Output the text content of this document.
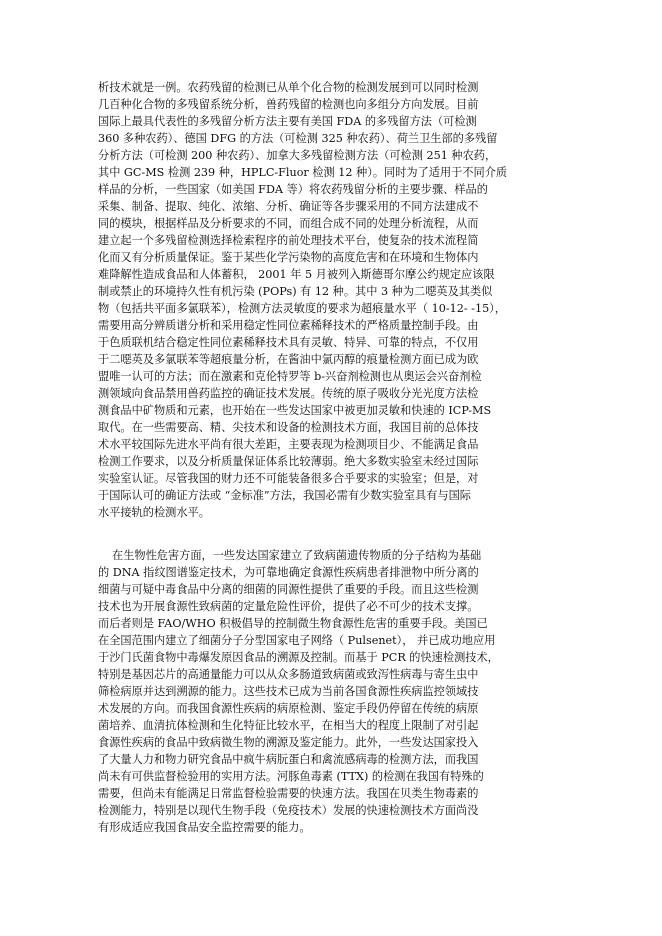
析技术就是一例。农药残留的检测已从单个化合物的检测发展到可以同时检测
几百种化合物的多残留系统分析，兽药残留的检测也向多组分方向发展。目前
国际上最具代表性的多残留分析方法主要有美国 FDA 的多残留方法（可检测
360 多种农药）、德国 DFG 的方法（可检测 325 种农药）、荷兰卫生部的多残留
分析方法（可检测 200 种农药）、加拿大多残留检测方法（可检测 251 种农药，
其中 GC-MS 检测 239 种，HPLC-Fluor 检测 12 种）。同时为了适用于不同介质
样品的分析，一些国家（如美国 FDA 等）将农药残留分析的主要步骤、样品的
采集、制备、提取、纯化、浓缩、分析、确证等各步骤采用的不同方法建成不
同的模块，根据样品及分析要求的不同，而组合成不同的处理分析流程，从而
建立起一个多残留检测选择检索程序的前处理技术平台，使复杂的技术流程简
化而又有分析质量保证。鉴于某些化学污染物的高度危害和在环境和生物体内
难降解性造成食品和人体蓄积， 2001 年 5 月被列入斯德哥尔摩公约规定应该限
制或禁止的环境持久性有机污染 (POPs) 有 12 种。其中 3 种为二噁英及其类似
物（包括共平面多氯联苯），检测方法灵敏度的要求为超痕量水平（ 10-12- -15），
需要用高分辨质谱分析和采用稳定性同位素稀释技术的严格质量控制手段。由
于色质联机结合稳定性同位素稀释技术具有灵敏、特异、可靠的特点，不仅用
于二噁英及多氯联苯等超痕量分析，在酱油中氯丙醇的痕量检测方面已成为欧
盟唯一认可的方法；而在激素和克伦特罗等 b-兴奋剂检测也从奥运会兴奋剂检
测领域向食品禁用兽药监控的确证技术发展。传统的原子吸收分光光度方法检
测食品中矿物质和元素，也开始在一些发达国家中被更加灵敏和快速的 ICP-MS
取代。在一些需要高、精、尖技术和设备的检测技术方面，我国目前的总体技
术水平较国际先进水平尚有很大差距，主要表现为检测项目少、不能满足食品
检测工作要求，以及分析质量保证体系比较薄弱。绝大多数实验室未经过国际
实验室认证。尽管我国的财力还不可能装备很多合乎要求的实验室；但是，对
于国际认可的确证方法或 “金标准”方法，我国必需有少数实验室具有与国际
水平接轨的检测水平。
在生物性危害方面，一些发达国家建立了致病菌遗传物质的分子结构为基础
的 DNA 指纹图谱鉴定技术，为可靠地确定食源性疾病患者排泄物中所分离的
细菌与可疑中毒食品中分离的细菌的同源性提供了重要的手段。而且这些检测
技术也为开展食源性致病菌的定量危险性评价，提供了必不可少的技术支撑。
而后者则是 FAO/WHO 积极倡导的控制微生物食源性危害的重要手段。美国已
在全国范围内建立了细菌分子分型国家电子网络（ Pulsenet）， 并已成功地应用
于沙门氏菌食物中毒爆发原因食品的溯源及控制。而基于 PCR 的快速检测技术，
特别是基因芯片的高通量能力可以从众多肠道致病菌或致泻性病毒与寄生虫中
筛检病原并达到溯源的能力。这些技术已成为当前各国食源性疾病监控领域技
术发展的方向。而我国食源性疾病的病原检测、鉴定手段仍停留在传统的病原
菌培养、血清抗体检测和生化特征比较水平，在相当大的程度上限制了对引起
食源性疾病的食品中致病微生物的溯源及鉴定能力。此外，一些发达国家投入
了大量人力和物力研究食品中疯牛病朊蛋白和禽流感病毒的检测方法，而我国
尚未有可供监督检验用的实用方法。河豚鱼毒素 (TTX) 的检测在我国有特殊的
需要，但尚未有能满足日常监督检验需要的快速方法。我国在贝类生物毒素的
检测能力，特别是以现代生物手段（免疫技术）发展的快速检测技术方面尚没
有形成适应我国食品安全监控需要的能力。
